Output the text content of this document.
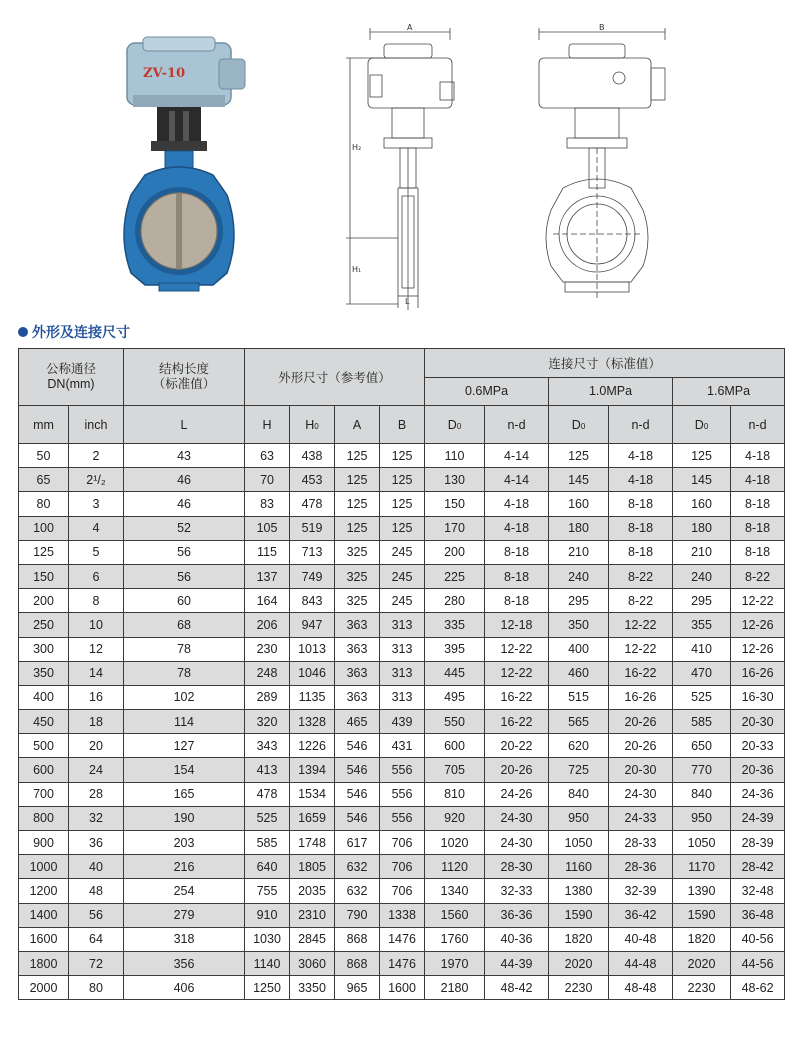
ZV-10
A
H₂
H₁
L
B
外形及连接尺寸
公称通径
DN(mm)		结构长度
（标准值）	外形尺寸（参考值）				连接尺寸（标准值）					
							0.6MPa		1.0MPa		1.6MPa	
mm	inch	L	H	H0	A	B	D0	n-d	D0	n-d	D0	n-d
50	2	43	63	438	125	125	110	4-14	125	4-18	125	4-18
65	2¹/₂	46	70	453	125	125	130	4-14	145	4-18	145	4-18
80	3	46	83	478	125	125	150	4-18	160	8-18	160	8-18
100	4	52	105	519	125	125	170	4-18	180	8-18	180	8-18
125	5	56	115	713	325	245	200	8-18	210	8-18	210	8-18
150	6	56	137	749	325	245	225	8-18	240	8-22	240	8-22
200	8	60	164	843	325	245	280	8-18	295	8-22	295	12-22
250	10	68	206	947	363	313	335	12-18	350	12-22	355	12-26
300	12	78	230	1013	363	313	395	12-22	400	12-22	410	12-26
350	14	78	248	1046	363	313	445	12-22	460	16-22	470	16-26
400	16	102	289	1135	363	313	495	16-22	515	16-26	525	16-30
450	18	114	320	1328	465	439	550	16-22	565	20-26	585	20-30
500	20	127	343	1226	546	431	600	20-22	620	20-26	650	20-33
600	24	154	413	1394	546	556	705	20-26	725	20-30	770	20-36
700	28	165	478	1534	546	556	810	24-26	840	24-30	840	24-36
800	32	190	525	1659	546	556	920	24-30	950	24-33	950	24-39
900	36	203	585	1748	617	706	1020	24-30	1050	28-33	1050	28-39
1000	40	216	640	1805	632	706	1120	28-30	1160	28-36	1170	28-42
1200	48	254	755	2035	632	706	1340	32-33	1380	32-39	1390	32-48
1400	56	279	910	2310	790	1338	1560	36-36	1590	36-42	1590	36-48
1600	64	318	1030	2845	868	1476	1760	40-36	1820	40-48	1820	40-56
1800	72	356	1140	3060	868	1476	1970	44-39	2020	44-48	2020	44-56
2000	80	406	1250	3350	965	1600	2180	48-42	2230	48-48	2230	48-62
